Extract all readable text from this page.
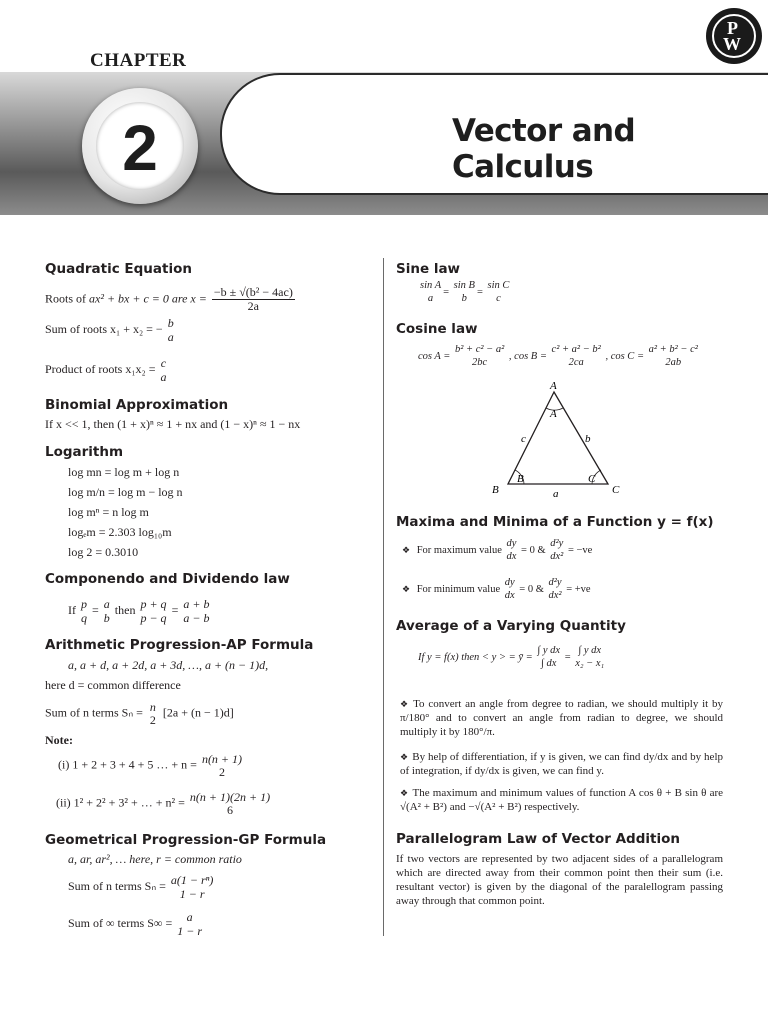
P
W
CHAPTER
2	Vector and Calculus
Quadratic Equation
Roots of ax² + bx + c = 0 are $x = \frac{\text{−b ± √(b² − 4ac)}}{2a}$
Sum of roots x₁ + x₂ = − b
a
Product of roots x₁x₂ = c
a
Binomial Approximation
If x << 1, then (1 + x)ⁿ ≈ 1 + nx and (1 − x)ⁿ ≈ 1 − nx
Logarithm
log mn = log m + log n
log m/n = log m − log n
log mⁿ = n log m
logₑm = 2.303 log₁₀m
log 2 = 0.3010
Componendo and Dividendo law
If p
q
= a
b
then p + q
p − q
= a + b
a − b
Arithmetic Progression-AP Formula
a, a + d, a + 2d, a + 3d, …, a + (n − 1)d,
here d = common difference
Sum of n terms Sₙ = n
2
[2a + (n − 1)d]
Note:
(i) 1 + 2 + 3 + 4 + 5 … + n = n(n + 1)
2
(ii) 1² + 2² + 3² + … + n² = n(n + 1)(2n + 1)
6
Geometrical Progression-GP Formula
a, ar, ar², … here, r = common ratio
Sum of n terms Sₙ = a(1 − rⁿ)
1 − r
Sum of ∞ terms S∞ = a
1 − r
Sine law
sin A
a
=
sin B
b
=
sin C
c
Cosine law
cos A =
b² + c² − a²
2bc
, cos B =
c² + a² − b²
2ca
, cos C =
a² + b² − c²
2ab
A
A
B
B
C
C
c	b
a
Maxima and Minima of a Function y = f(x)
❖ For maximum value
dy
dx
= 0 &
d²y
dx²
= −ve
❖ For minimum value
dy
dx
= 0 &
d²y
dx²
= +ve
Average of a Varying Quantity
If y = f(x) then < y > = ȳ =
∫ y dx
∫ dx
=
∫ y dx
x₂ − x₁
❖ To convert an angle from degree to radian, we should multiply it by π/180° and to convert an angle from radian to degree, we should multiply it by 180°/π.
❖ By help of differentiation, if y is given, we can find dy/dx and by help of integration, if dy/dx is given, we can find y.
❖ The maximum and minimum values of function A cos θ + B sin θ are √(A² + B²) and −√(A² + B²) respectively.
Parallelogram Law of Vector Addition
If two vectors are represented by two adjacent sides of a parallelogram which are directed away from their common point then their sum (i.e. resultant vector) is given by the diagonal of the paralellogram passing away through that common point.
